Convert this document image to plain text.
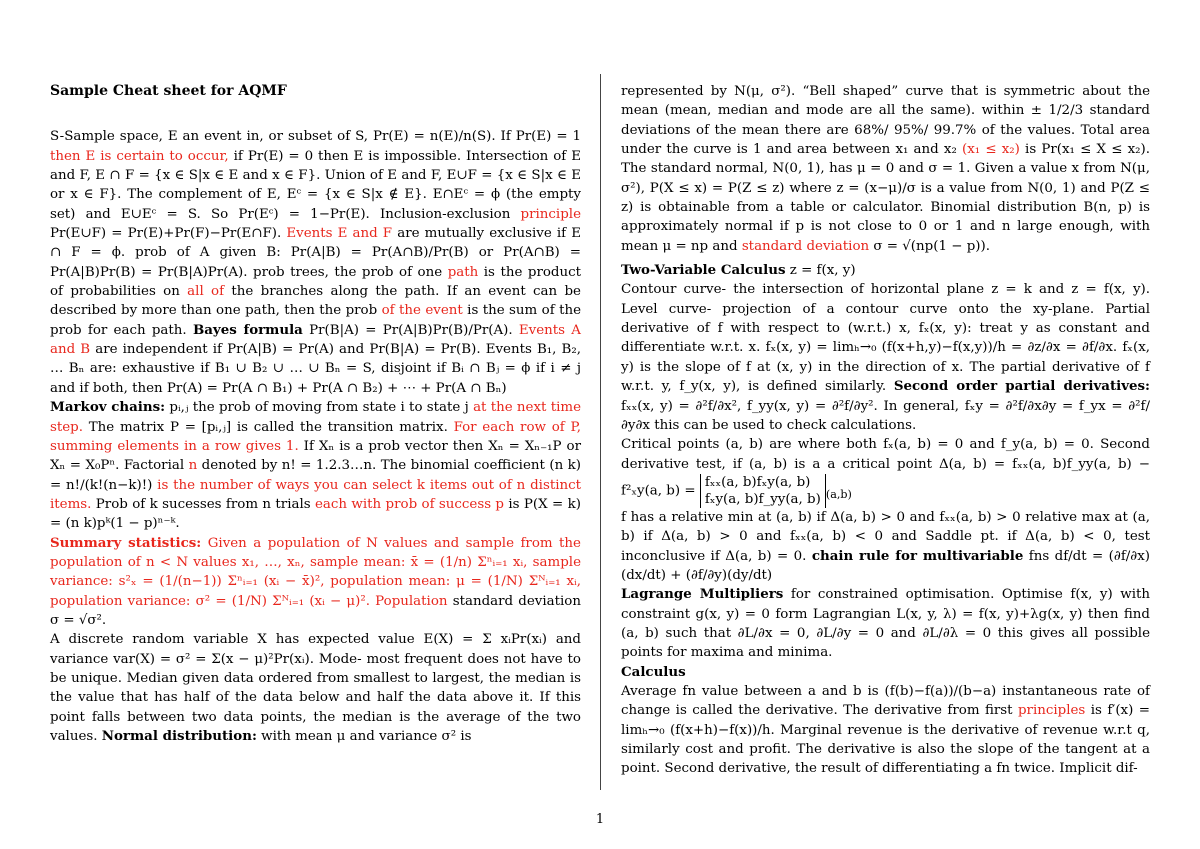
Sample Cheat sheet for AQMF

S-Sample space, E an event in, or subset of S, Pr(E) = n(E)/n(S). If Pr(E) = 1 then E is certain to occur, if Pr(E) = 0 then E is impossible. Intersection of E and F, E ∩ F = {x ∈ S|x ∈ E and x ∈ F}. Union of E and F, E∪F = {x ∈ S|x ∈ E or x ∈ F}. The complement of E, Eᶜ = {x ∈ S|x ∉ E}. E∩Eᶜ = ϕ (the empty set) and E∪Eᶜ = S. So Pr(Eᶜ) = 1−Pr(E). Inclusion-exclusion principle Pr(E∪F) = Pr(E)+Pr(F)−Pr(E∩F). Events E and F are mutually exclusive if E ∩ F = ϕ. prob of A given B: Pr(A|B) = Pr(A∩B)/Pr(B) or Pr(A∩B) = Pr(A|B)Pr(B) = Pr(B|A)Pr(A). prob trees, the prob of one path is the product of probabilities on all of the branches along the path. If an event can be described by more than one path, then the prob of the event is the sum of the prob for each path. Bayes formula Pr(B|A) = Pr(A|B)Pr(B)/Pr(A). Events A and B are independent if Pr(A|B) = Pr(A) and Pr(B|A) = Pr(B). Events B₁, B₂, … Bₙ are: exhaustive if B₁ ∪ B₂ ∪ … ∪ Bₙ = S, disjoint if Bᵢ ∩ Bⱼ = ϕ if i ≠ j and if both, then Pr(A) = Pr(A ∩ B₁) + Pr(A ∩ B₂) + ⋯ + Pr(A ∩ Bₙ)

Markov chains: pᵢ,ⱼ the prob of moving from state i to state j at the next time step. The matrix P = [pᵢ,ⱼ] is called the transition matrix. For each row of P, summing elements in a row gives 1. If Xₙ is a prob vector then Xₙ = Xₙ₋₁P or Xₙ = X₀Pⁿ. Factorial n denoted by n! = 1.2.3…n. The binomial coefficient (n k) = n!/(k!(n−k)!) is the number of ways you can select k items out of n distinct items. Prob of k sucesses from n trials each with prob of success p is P(X = k) = (n k)pᵏ(1 − p)ⁿ⁻ᵏ.

Summary statistics: Given a population of N values and sample from the population of n < N values x₁, …, xₙ, sample mean: x̄ = (1/n) Σⁿᵢ₌₁ xᵢ, sample variance: s²ₓ = (1/(n−1)) Σⁿᵢ₌₁ (xᵢ − x̄)², population mean: μ = (1/N) Σᴺᵢ₌₁ xᵢ, population variance: σ² = (1/N) Σᴺᵢ₌₁ (xᵢ − μ)². Population standard deviation σ = √σ².

A discrete random variable X has expected value E(X) = Σ xᵢPr(xᵢ) and variance var(X) = σ² = Σ(x − μ)²Pr(xᵢ). Mode- most frequent does not have to be unique. Median given data ordered from smallest to largest, the median is the value that has half of the data below and half the data above it. If this point falls between two data points, the median is the average of the two values. Normal distribution: with mean μ and variance σ² is

represented by N(μ, σ²). “Bell shaped” curve that is symmetric about the mean (mean, median and mode are all the same). within ± 1/2/3 standard deviations of the mean there are 68%/ 95%/ 99.7% of the values. Total area under the curve is 1 and area between x₁ and x₂ (x₁ ≤ x₂) is Pr(x₁ ≤ X ≤ x₂). The standard normal, N(0, 1), has μ = 0 and σ = 1. Given a value x from N(μ, σ²), P(X ≤ x) = P(Z ≤ z) where z = (x−μ)/σ is a value from N(0, 1) and P(Z ≤ z) is obtainable from a table or calculator. Binomial distribution B(n, p) is approximately normal if p is not close to 0 or 1 and n large enough, with mean μ = np and standard deviation σ = √(np(1 − p)).

Two-Variable Calculus z = f(x, y)

Contour curve- the intersection of horizontal plane z = k and z = f(x, y). Level curve- projection of a contour curve onto the xy-plane. Partial derivative of f with respect to (w.r.t.) x, fₓ(x, y): treat y as constant and differentiate w.r.t. x. fₓ(x, y) = limₕ→₀ (f(x+h,y)−f(x,y))/h = ∂z/∂x = ∂f/∂x. fₓ(x, y) is the slope of f at (x, y) in the direction of x. The partial derivative of f w.r.t. y, f_y(x, y), is defined similarly. Second order partial derivatives: fₓₓ(x, y) = ∂²f/∂x², f_yy(x, y) = ∂²f/∂y². In general, fₓy = ∂²f/∂x∂y = f_yx = ∂²f/∂y∂x this can be used to check calculations.

Critical points (a, b) are where both fₓ(a, b) = 0 and f_y(a, b) = 0. Second derivative test, if (a, b) is a a critical point Δ(a, b) = fₓₓ(a, b)f_yy(a, b) − f²ₓy(a, b) = fₓₓ(a, b)fₓy(a, b)
fₓy(a, b)f_yy(a, b) $_{(a,b)}$

f has a relative min at (a, b) if Δ(a, b) > 0 and fₓₓ(a, b) > 0 relative max at (a, b) if Δ(a, b) > 0 and fₓₓ(a, b) < 0 and Saddle pt. if Δ(a, b) < 0, test inconclusive if Δ(a, b) = 0. chain rule for multivariable fns df/dt = (∂f/∂x)(dx/dt) + (∂f/∂y)(dy/dt)

Lagrange Multipliers for constrained optimisation. Optimise f(x, y) with constraint g(x, y) = 0 form Lagrangian L(x, y, λ) = f(x, y)+λg(x, y) then find (a, b) such that ∂L/∂x = 0, ∂L/∂y = 0 and ∂L/∂λ = 0 this gives all possible points for maxima and minima.

Calculus

Average fn value between a and b is (f(b)−f(a))/(b−a) instantaneous rate of change is called the derivative. The derivative from first principles is f′(x) = limₕ→₀ (f(x+h)−f(x))/h. Marginal revenue is the derivative of revenue w.r.t q, similarly cost and profit. The derivative is also the slope of the tangent at a point. Second derivative, the result of differentiating a fn twice. Implicit dif-

1
